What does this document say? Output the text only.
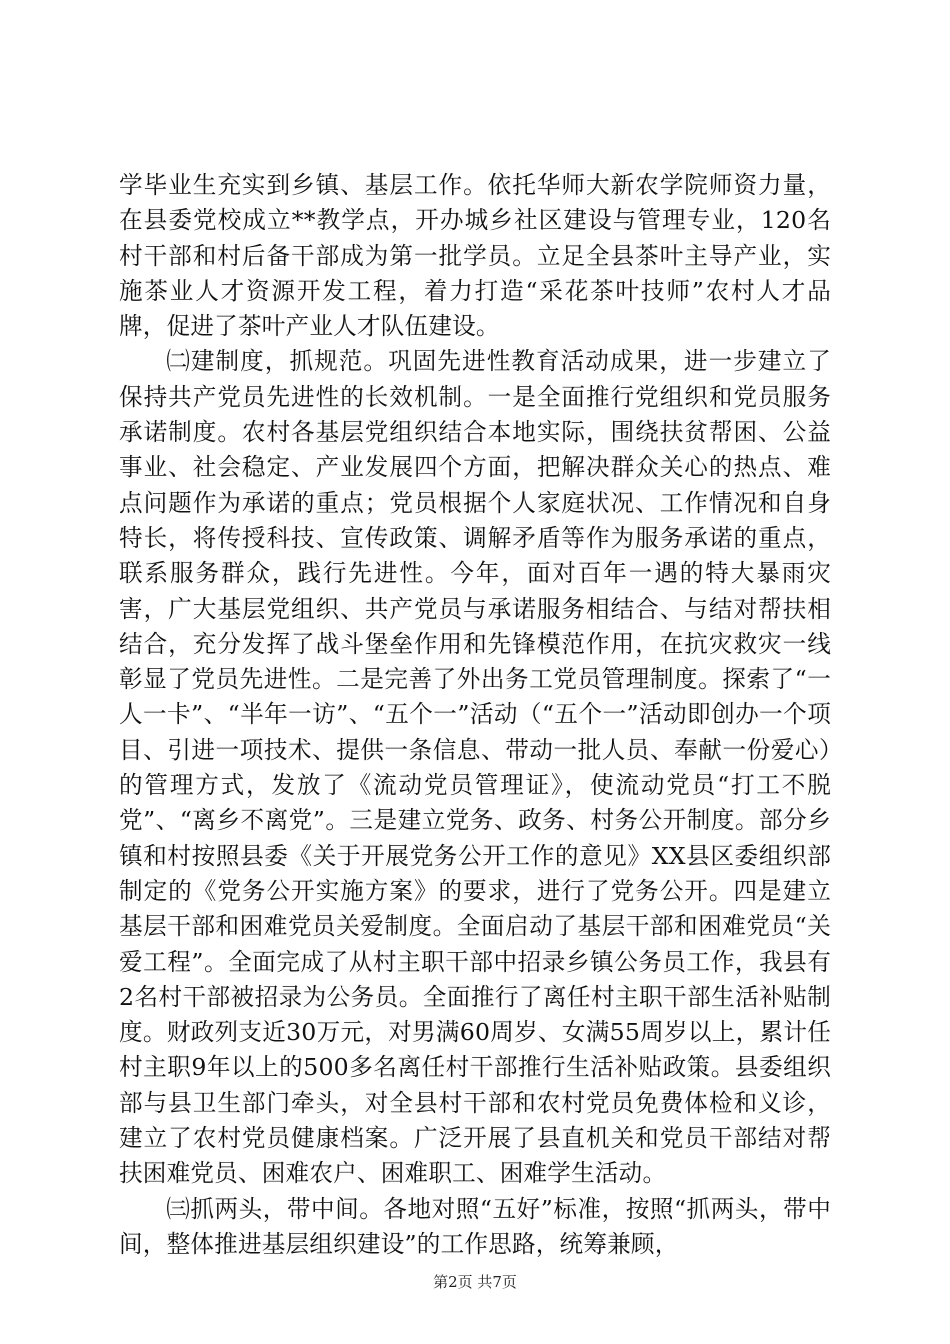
学毕业生充实到乡镇、基层工作。依托华师大新农学院师资力量，在县委党校成立**教学点，开办城乡社区建设与管理专业，120名村干部和村后备干部成为第一批学员。立足全县茶叶主导产业，实施茶业人才资源开发工程，着力打造“采花茶叶技师”农村人才品牌，促进了茶叶产业人才队伍建设。

㈡建制度，抓规范。巩固先进性教育活动成果，进一步建立了保持共产党员先进性的长效机制。一是全面推行党组织和党员服务承诺制度。农村各基层党组织结合本地实际，围绕扶贫帮困、公益事业、社会稳定、产业发展四个方面，把解决群众关心的热点、难点问题作为承诺的重点；党员根据个人家庭状况、工作情况和自身特长，将传授科技、宣传政策、调解矛盾等作为服务承诺的重点，联系服务群众，践行先进性。今年，面对百年一遇的特大暴雨灾害，广大基层党组织、共产党员与承诺服务相结合、与结对帮扶相结合，充分发挥了战斗堡垒作用和先锋模范作用，在抗灾救灾一线彰显了党员先进性。二是完善了外出务工党员管理制度。探索了“一人一卡”、“半年一访”、“五个一”活动（“五个一”活动即创办一个项目、引进一项技术、提供一条信息、带动一批人员、奉献一份爱心）的管理方式，发放了《流动党员管理证》，使流动党员“打工不脱党”、“离乡不离党”。三是建立党务、政务、村务公开制度。部分乡镇和村按照县委《关于开展党务公开工作的意见》XX县区委组织部制定的《党务公开实施方案》的要求，进行了党务公开。四是建立基层干部和困难党员关爱制度。全面启动了基层干部和困难党员“关爱工程”。全面完成了从村主职干部中招录乡镇公务员工作，我县有2名村干部被招录为公务员。全面推行了离任村主职干部生活补贴制度。财政列支近30万元，对男满60周岁、女满55周岁以上，累计任村主职9年以上的500多名离任村干部推行生活补贴政策。县委组织部与县卫生部门牵头，对全县村干部和农村党员免费体检和义诊，建立了农村党员健康档案。广泛开展了县直机关和党员干部结对帮扶困难党员、困难农户、困难职工、困难学生活动。

㈢抓两头，带中间。各地对照“五好”标准，按照“抓两头，带中间，整体推进基层组织建设”的工作思路，统筹兼顾，

第2页 共7页
